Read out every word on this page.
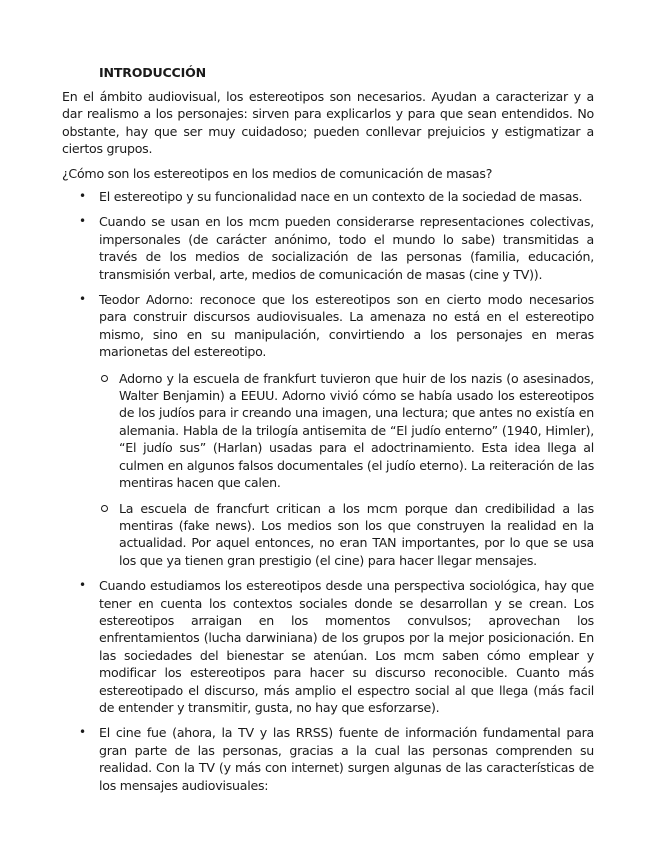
INTRODUCCIÓN

En el ámbito audiovisual, los estereotipos son necesarios. Ayudan a caracterizar y a dar realismo a los personajes: sirven para explicarlos y para que sean entendidos. No obstante, hay que ser muy cuidadoso; pueden conllevar prejuicios y estigmatizar a ciertos grupos.

¿Cómo son los estereotipos en los medios de comunicación de masas?

• El estereotipo y su funcionalidad nace en un contexto de la sociedad de masas.
• Cuando se usan en los mcm pueden considerarse representaciones colectivas, impersonales (de carácter anónimo, todo el mundo lo sabe) transmitidas a través de los medios de socialización de las personas (familia, educación, transmisión verbal, arte, medios de comunicación de masas (cine y TV)).
• Teodor Adorno: reconoce que los estereotipos son en cierto modo necesarios para construir discursos audiovisuales. La amenaza no está en el estereotipo mismo, sino en su manipulación, convirtiendo a los personajes en meras marionetas del estereotipo.
Adorno y la escuela de frankfurt tuvieron que huir de los nazis (o asesinados, Walter Benjamin) a EEUU. Adorno vivió cómo se había usado los estereotipos de los judíos para ir creando una imagen, una lectura; que antes no existía en alemania. Habla de la trilogía antisemita de “El judío enterno” (1940, Himler), “El judío sus” (Harlan) usadas para el adoctrinamiento. Esta idea llega al culmen en algunos falsos documentales (el judío eterno). La reiteración de las mentiras hacen que calen.
La escuela de francfurt critican a los mcm porque dan credibilidad a las mentiras (fake news). Los medios son los que construyen la realidad en la actualidad. Por aquel entonces, no eran TAN importantes, por lo que se usa los que ya tienen gran prestigio (el cine) para hacer llegar mensajes.
• Cuando estudiamos los estereotipos desde una perspectiva sociológica, hay que tener en cuenta los contextos sociales donde se desarrollan y se crean. Los estereotipos arraigan en los momentos convulsos; aprovechan los enfrentamientos (lucha darwiniana) de los grupos por la mejor posicionación. En las sociedades del bienestar se atenúan. Los mcm saben cómo emplear y modificar los estereotipos para hacer su discurso reconocible. Cuanto más estereotipado el discurso, más amplio el espectro social al que llega (más facil de entender y transmitir, gusta, no hay que esforzarse).
• El cine fue (ahora, la TV y las RRSS) fuente de información fundamental para gran parte de las personas, gracias a la cual las personas comprenden su realidad. Con la TV (y más con internet) surgen algunas de las características de los mensajes audiovisuales:
